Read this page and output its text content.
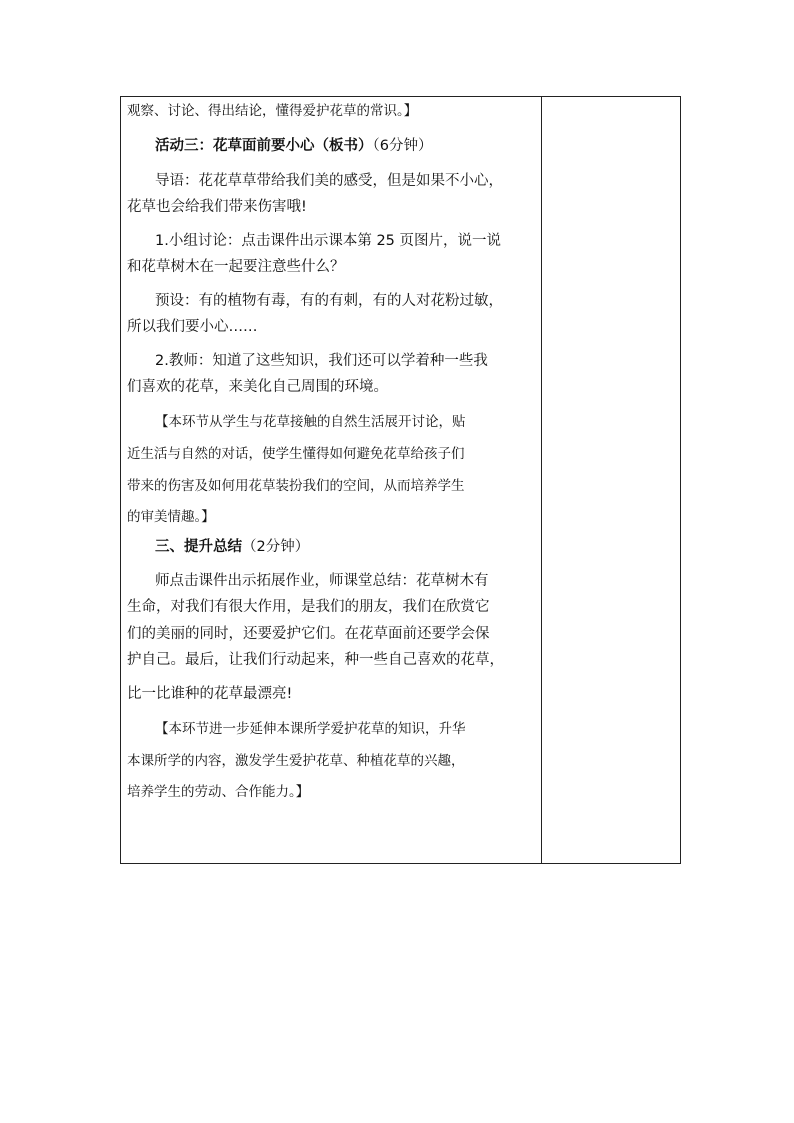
观察、讨论、得出结论，懂得爱护花草的常识。】
活动三：花草面前要小心（板书）（6分钟）
导语：花花草草带给我们美的感受，但是如果不小心，
花草也会给我们带来伤害哦!
1.小组讨论：点击课件出示课本第 25 页图片，说一说
和花草树木在一起要注意些什么？
预设：有的植物有毒，有的有刺，有的人对花粉过敏，
所以我们要小心……
2.教师：知道了这些知识，我们还可以学着种一些我
们喜欢的花草，来美化自己周围的环境。
【本环节从学生与花草接触的自然生活展开讨论，贴
近生活与自然的对话，使学生懂得如何避免花草给孩子们
带来的伤害及如何用花草装扮我们的空间，从而培养学生
的审美情趣。】
三、提升总结（2分钟）
师点击课件出示拓展作业，师课堂总结：花草树木有
生命，对我们有很大作用，是我们的朋友，我们在欣赏它
们的美丽的同时，还要爱护它们。在花草面前还要学会保
护自己。最后，让我们行动起来，种一些自己喜欢的花草，
比一比谁种的花草最漂亮!
【本环节进一步延伸本课所学爱护花草的知识，升华
本课所学的内容，激发学生爱护花草、种植花草的兴趣，
培养学生的劳动、合作能力。】
